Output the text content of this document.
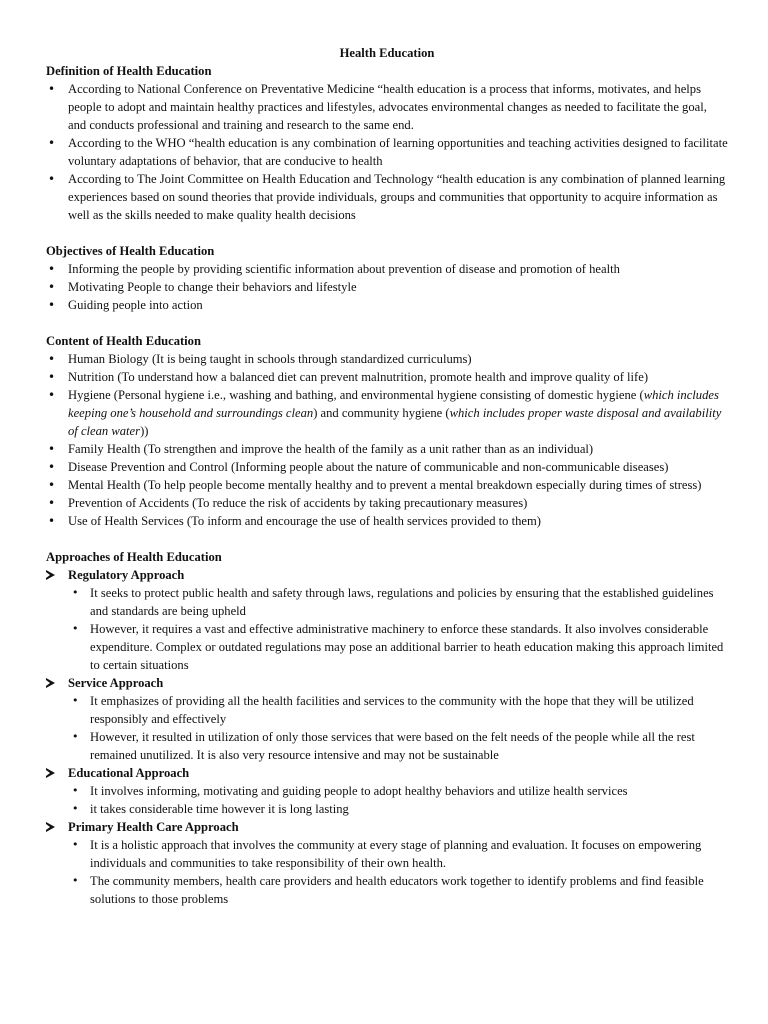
Health Education

Definition of Health Education
• According to National Conference on Preventative Medicine “health education is a process that informs, motivates, and helps people to adopt and maintain healthy practices and lifestyles, advocates environmental changes as needed to facilitate the goal, and conducts professional and training and research to the same end.
• According to the WHO “health education is any combination of learning opportunities and teaching activities designed to facilitate voluntary adaptations of behavior, that are conducive to health
• According to The Joint Committee on Health Education and Technology “health education is any combination of planned learning experiences based on sound theories that provide individuals, groups and communities that opportunity to acquire information as well as the skills needed to make quality health decisions
Objectives of Health Education
• Informing the people by providing scientific information about prevention of disease and promotion of health
• Motivating People to change their behaviors and lifestyle
• Guiding people into action
Content of Health Education
• Human Biology (It is being taught in schools through standardized curriculums)
• Nutrition (To understand how a balanced diet can prevent malnutrition, promote health and improve quality of life)
• Hygiene (Personal hygiene i.e., washing and bathing, and environmental hygiene consisting of domestic hygiene (which includes keeping one’s household and surroundings clean) and community hygiene (which includes proper waste disposal and availability of clean water))
• Family Health (To strengthen and improve the health of the family as a unit rather than as an individual)
• Disease Prevention and Control (Informing people about the nature of communicable and non-communicable diseases)
• Mental Health (To help people become mentally healthy and to prevent a mental breakdown especially during times of stress)
• Prevention of Accidents (To reduce the risk of accidents by taking precautionary measures)
• Use of Health Services (To inform and encourage the use of health services provided to them)
Approaches of Health Education
Regulatory Approach
• It seeks to protect public health and safety through laws, regulations and policies by ensuring that the established guidelines and standards are being upheld
• However, it requires a vast and effective administrative machinery to enforce these standards. It also involves considerable expenditure. Complex or outdated regulations may pose an additional barrier to heath education making this approach limited to certain situations
Service Approach
• It emphasizes of providing all the health facilities and services to the community with the hope that they will be utilized responsibly and effectively
• However, it resulted in utilization of only those services that were based on the felt needs of the people while all the rest remained unutilized. It is also very resource intensive and may not be sustainable
Educational Approach
• It involves informing, motivating and guiding people to adopt healthy behaviors and utilize health services
• it takes considerable time however it is long lasting
Primary Health Care Approach
• It is a holistic approach that involves the community at every stage of planning and evaluation. It focuses on empowering individuals and communities to take responsibility of their own health.
• The community members, health care providers and health educators work together to identify problems and find feasible solutions to those problems
